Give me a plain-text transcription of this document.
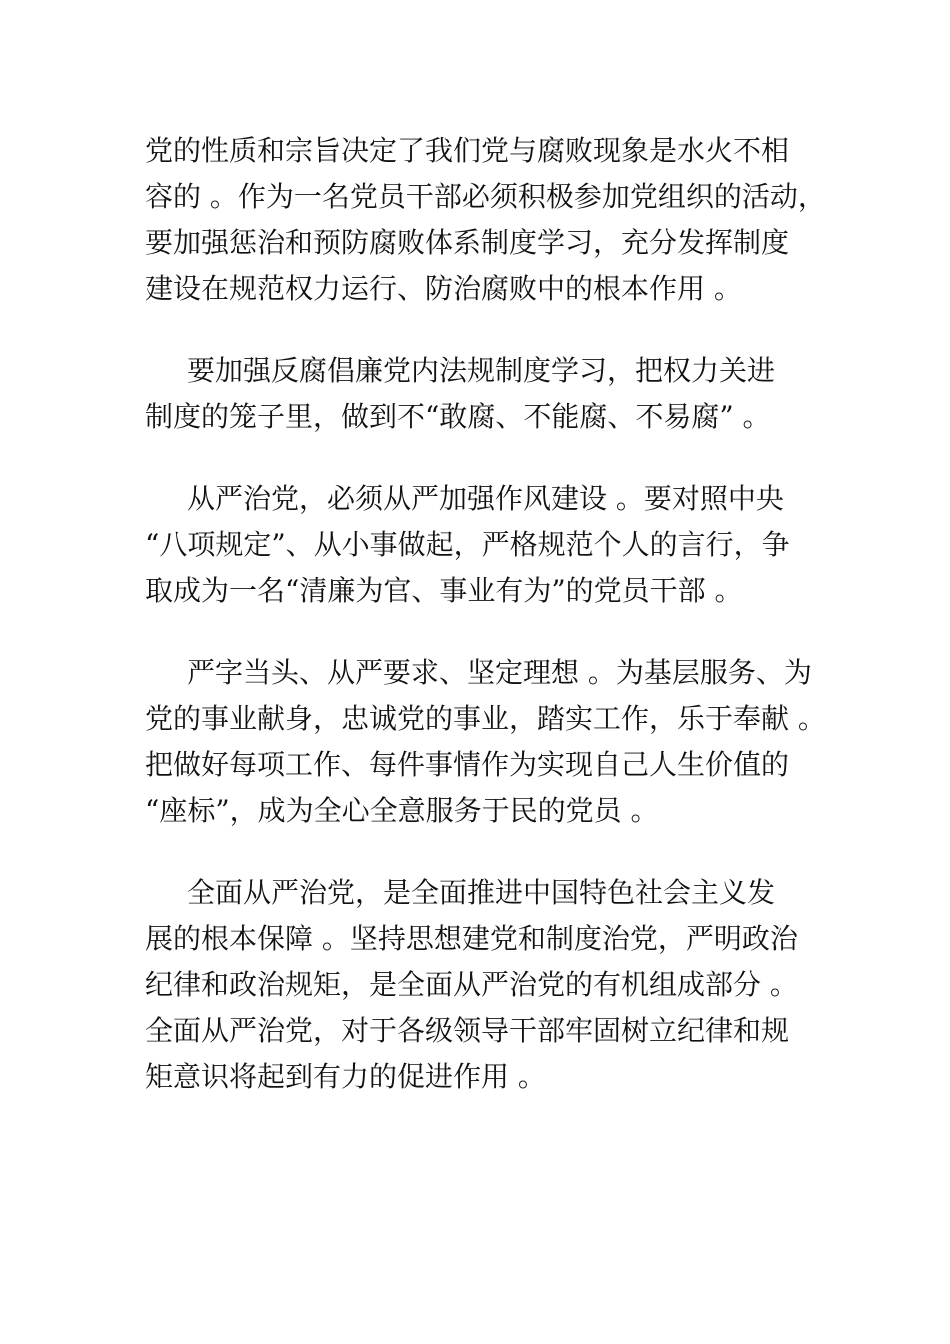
党的性质和宗旨决定了我们党与腐败现象是水火不相
容的 。作为一名党员干部必须积极参加党组织的活动，
要加强惩治和预防腐败体系制度学习，充分发挥制度
建设在规范权力运行、防治腐败中的根本作用 。
要加强反腐倡廉党内法规制度学习，把权力关进
制度的笼子里，做到不“敢腐、不能腐、不易腐” 。
从严治党，必须从严加强作风建设 。要对照中央
“八项规定”、从小事做起，严格规范个人的言行，争
取成为一名“清廉为官、事业有为”的党员干部 。
严字当头、从严要求、坚定理想 。为基层服务、为
党的事业献身，忠诚党的事业，踏实工作，乐于奉献 。
把做好每项工作、每件事情作为实现自己人生价值的
“座标”，成为全心全意服务于民的党员 。
全面从严治党，是全面推进中国特色社会主义发
展的根本保障 。坚持思想建党和制度治党，严明政治
纪律和政治规矩，是全面从严治党的有机组成部分 。
全面从严治党，对于各级领导干部牢固树立纪律和规
矩意识将起到有力的促进作用 。
